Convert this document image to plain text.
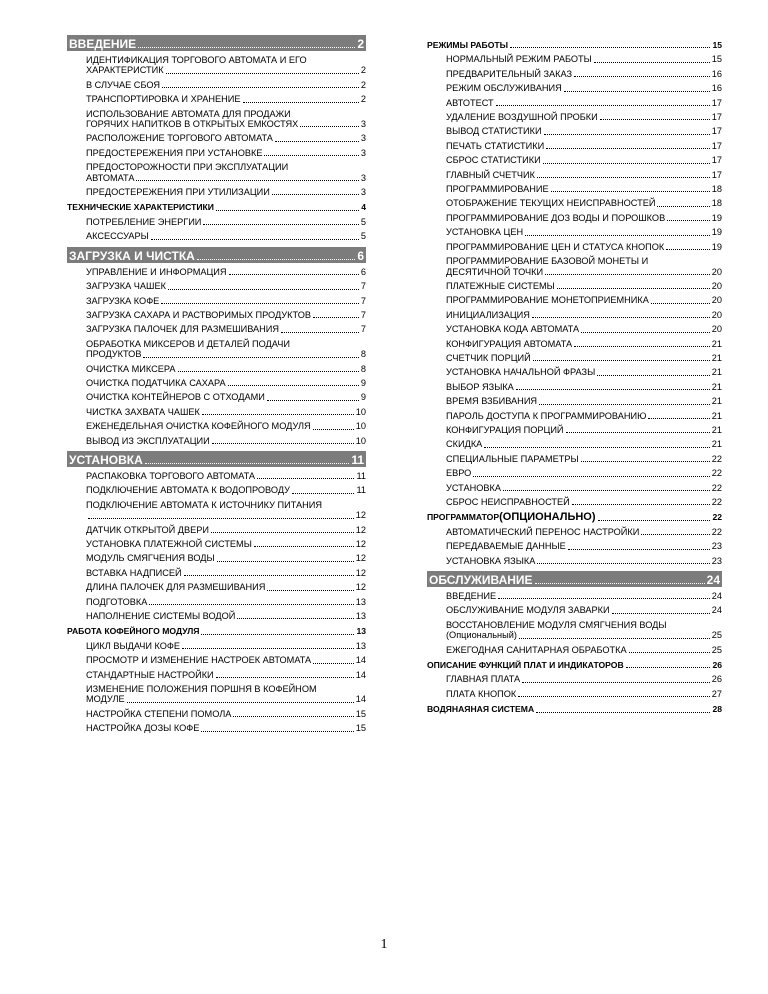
ВВЕДЕНИЕ	2
ИДЕНТИФИКАЦИЯ ТОРГОВОГО АВТОМАТА И ЕГО
ХАРАКТЕРИСТИК	2
В СЛУЧАЕ СБОЯ	2
ТРАНСПОРТИРОВКА И ХРАНЕНИЕ	2
ИСПОЛЬЗОВАНИЕ АВТОМАТА ДЛЯ ПРОДАЖИ
ГОРЯЧИХ НАПИТКОВ В ОТКРЫТЫХ ЕМКОСТЯХ	3
РАСПОЛОЖЕНИЕ ТОРГОВОГО АВТОМАТА	3
ПРЕДОСТЕРЕЖЕНИЯ ПРИ УСТАНОВКЕ	3
ПРЕДОСТОРОЖНОСТИ ПРИ ЭКСПЛУАТАЦИИ
АВТОМАТА	3
ПРЕДОСТЕРЕЖЕНИЯ ПРИ УТИЛИЗАЦИИ	3
ТЕХНИЧЕСКИЕ ХАРАКТЕРИСТИКИ	4
ПОТРЕБЛЕНИЕ ЭНЕРГИИ	5
АКСЕССУАРЫ	5
ЗАГРУЗКА И ЧИСТКА	6
УПРАВЛЕНИЕ И ИНФОРМАЦИЯ	6
ЗАГРУЗКА ЧАШЕК	7
ЗАГРУЗКА КОФЕ	7
ЗАГРУЗКА САХАРА И РАСТВОРИМЫХ ПРОДУКТОВ	7
ЗАГРУЗКА ПАЛОЧЕК ДЛЯ РАЗМЕШИВАНИЯ	7
ОБРАБОТКА МИКСЕРОВ И ДЕТАЛЕЙ ПОДАЧИ
ПРОДУКТОВ	8
ОЧИСТКА МИКСЕРА	8
ОЧИСТКА ПОДАТЧИКА САХАРА	9
ОЧИСТКА КОНТЕЙНЕРОВ С ОТХОДАМИ	9
ЧИСТКА ЗАХВАТА ЧАШЕК	10
ЕЖЕНЕДЕЛЬНАЯ ОЧИСТКА КОФЕЙНОГО МОДУЛЯ	10
ВЫВОД ИЗ ЭКСПЛУАТАЦИИ	10
УСТАНОВКА	11
РАСПАКОВКА ТОРГОВОГО АВТОМАТА	11
ПОДКЛЮЧЕНИЕ АВТОМАТА К ВОДОПРОВОДУ	11
ПОДКЛЮЧЕНИЕ АВТОМАТА К ИСТОЧНИКУ ПИТАНИЯ
12
ДАТЧИК ОТКРЫТОЙ ДВЕРИ	12
УСТАНОВКА ПЛАТЕЖНОЙ СИСТЕМЫ	12
МОДУЛЬ СМЯГЧЕНИЯ ВОДЫ	12
ВСТАВКА НАДПИСЕЙ	12
ДЛИНА ПАЛОЧЕК ДЛЯ РАЗМЕШИВАНИЯ	12
ПОДГОТОВКА	13
НАПОЛНЕНИЕ СИСТЕМЫ ВОДОЙ	13
РАБОТА КОФЕЙНОГО МОДУЛЯ	13
ЦИКЛ ВЫДАЧИ КОФЕ	13
ПРОСМОТР И ИЗМЕНЕНИЕ НАСТРОЕК АВТОМАТА	14
СТАНДАРТНЫЕ НАСТРОЙКИ	14
ИЗМЕНЕНИЕ ПОЛОЖЕНИЯ ПОРШНЯ В КОФЕЙНОМ
МОДУЛЕ	14
НАСТРОЙКА СТЕПЕНИ ПОМОЛА	15
НАСТРОЙКА ДОЗЫ КОФЕ	15
РЕЖИМЫ РАБОТЫ	15
НОРМАЛЬНЫЙ РЕЖИМ РАБОТЫ	15
ПРЕДВАРИТЕЛЬНЫЙ ЗАКАЗ	16
РЕЖИМ ОБСЛУЖИВАНИЯ	16
АВТОТЕСТ	17
УДАЛЕНИЕ ВОЗДУШНОЙ ПРОБКИ	17
ВЫВОД СТАТИСТИКИ	17
ПЕЧАТЬ СТАТИСТИКИ	17
СБРОС СТАТИСТИКИ	17
ГЛАВНЫЙ СЧЕТЧИК	17
ПРОГРАММИРОВАНИЕ	18
ОТОБРАЖЕНИЕ ТЕКУЩИХ НЕИСПРАВНОСТЕЙ	18
ПРОГРАММИРОВАНИЕ ДОЗ ВОДЫ И ПОРОШКОВ	19
УСТАНОВКА ЦЕН	19
ПРОГРАММИРОВАНИЕ ЦЕН И СТАТУСА КНОПОК	19
ПРОГРАММИРОВАНИЕ БАЗОВОЙ МОНЕТЫ И
ДЕСЯТИЧНОЙ ТОЧКИ	20
ПЛАТЕЖНЫЕ СИСТЕМЫ	20
ПРОГРАММИРОВАНИЕ МОНЕТОПРИЕМНИКА	20
ИНИЦИАЛИЗАЦИЯ	20
УСТАНОВКА КОДА АВТОМАТА	20
КОНФИГУРАЦИЯ АВТОМАТА	21
СЧЕТЧИК ПОРЦИЙ	21
УСТАНОВКА НАЧАЛЬНОЙ ФРАЗЫ	21
ВЫБОР ЯЗЫКА	21
ВРЕМЯ ВЗБИВАНИЯ	21
ПАРОЛЬ ДОСТУПА К ПРОГРАММИРОВАНИЮ	21
КОНФИГУРАЦИЯ ПОРЦИЙ	21
СКИДКА	21
СПЕЦИАЛЬНЫЕ ПАРАМЕТРЫ	22
ЕВРО	22
УСТАНОВКА	22
СБРОС НЕИСПРАВНОСТЕЙ	22
ПРОГРАММАТОР (ОПЦИОНАЛЬНО)	22
АВТОМАТИЧЕСКИЙ ПЕРЕНОС НАСТРОЙКИ	22
ПЕРЕДАВАЕМЫЕ ДАННЫЕ	23
УСТАНОВКА ЯЗЫКА	23
ОБСЛУЖИВАНИЕ	24
ВВЕДЕНИЕ	24
ОБСЛУЖИВАНИЕ МОДУЛЯ ЗАВАРКИ	24
ВОССТАНОВЛЕНИЕ МОДУЛЯ СМЯГЧЕНИЯ ВОДЫ
(Опциональный)	25
ЕЖЕГОДНАЯ САНИТАРНАЯ ОБРАБОТКА	25
ОПИСАНИЕ ФУНКЦИЙ ПЛАТ И ИНДИКАТОРОВ	26
ГЛАВНАЯ ПЛАТА	26
ПЛАТА КНОПОК	27
ВОДЯНАЯНАЯ СИСТЕМА	28
1
